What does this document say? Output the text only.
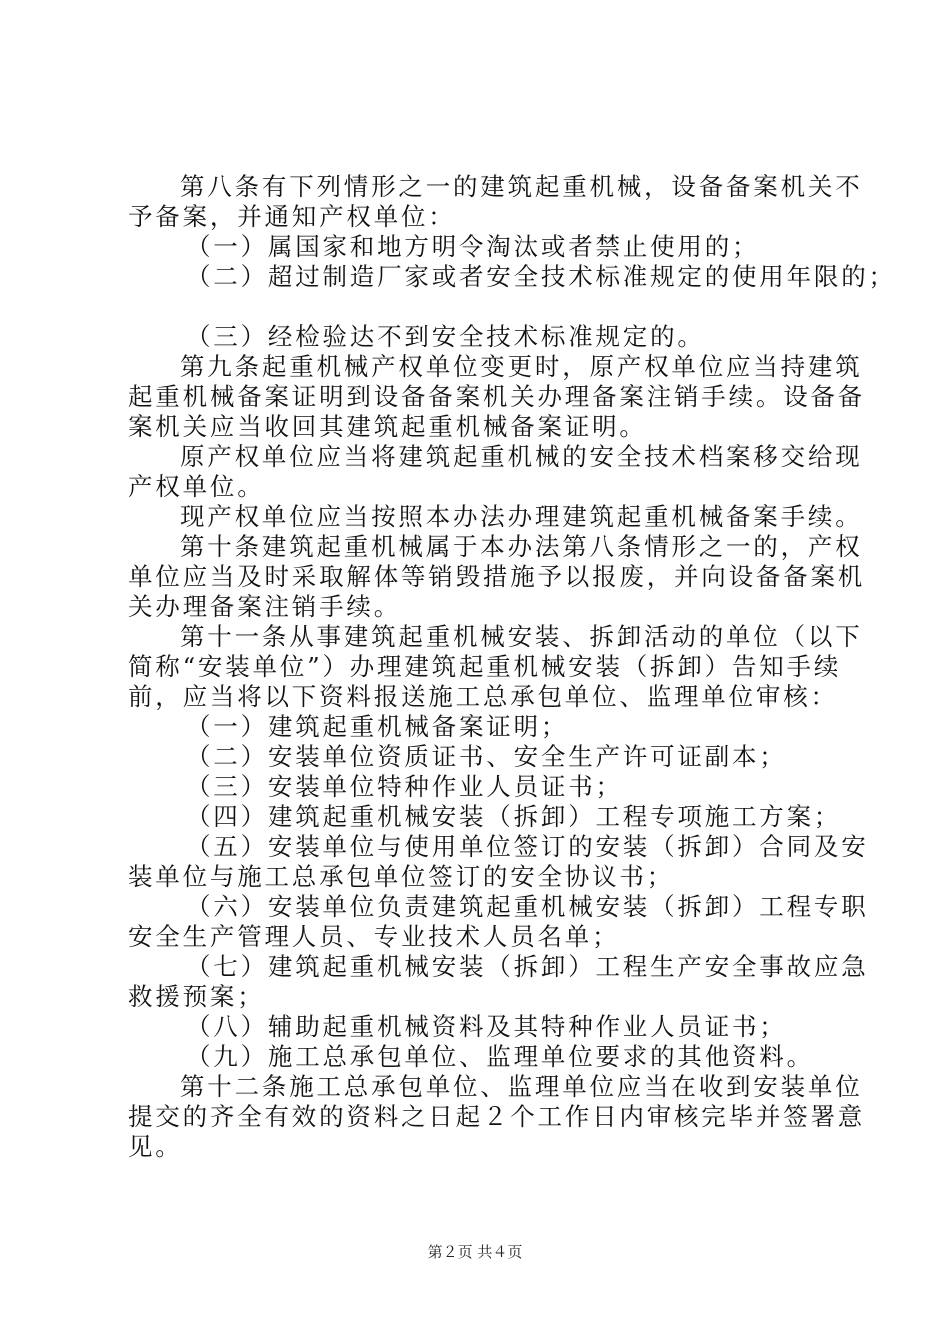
第八条有下列情形之一的建筑起重机械，设备备案机关不
予备案，并通知产权单位：
（一）属国家和地方明令淘汰或者禁止使用的；
（二）超过制造厂家或者安全技术标准规定的使用年限的；
（三）经检验达不到安全技术标准规定的。
第九条起重机械产权单位变更时，原产权单位应当持建筑
起重机械备案证明到设备备案机关办理备案注销手续。设备备
案机关应当收回其建筑起重机械备案证明。
原产权单位应当将建筑起重机械的安全技术档案移交给现
产权单位。
现产权单位应当按照本办法办理建筑起重机械备案手续。
第十条建筑起重机械属于本办法第八条情形之一的，产权
单位应当及时采取解体等销毁措施予以报废，并向设备备案机
关办理备案注销手续。
第十一条从事建筑起重机械安装、拆卸活动的单位（以下
简称“安装单位”）办理建筑起重机械安装（拆卸）告知手续
前，应当将以下资料报送施工总承包单位、监理单位审核：
（一）建筑起重机械备案证明；
（二）安装单位资质证书、安全生产许可证副本；
（三）安装单位特种作业人员证书；
（四）建筑起重机械安装（拆卸）工程专项施工方案；
（五）安装单位与使用单位签订的安装（拆卸）合同及安
装单位与施工总承包单位签订的安全协议书；
（六）安装单位负责建筑起重机械安装（拆卸）工程专职
安全生产管理人员、专业技术人员名单；
（七）建筑起重机械安装（拆卸）工程生产安全事故应急
救援预案；
（八）辅助起重机械资料及其特种作业人员证书；
（九）施工总承包单位、监理单位要求的其他资料。
第十二条施工总承包单位、监理单位应当在收到安装单位
提交的齐全有效的资料之日起２个工作日内审核完毕并签署意
见。
第２页 共４页
